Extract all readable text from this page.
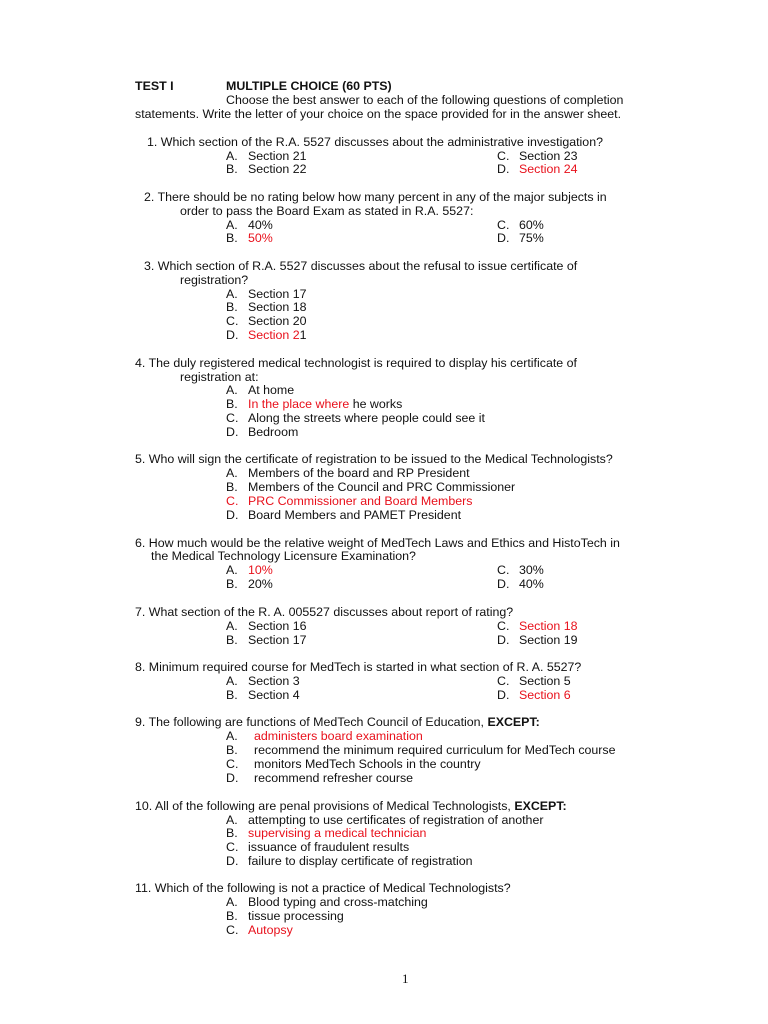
TEST I	MULTIPLE CHOICE (60 PTS)
Choose the best answer to each of the following questions of completion
statements. Write the letter of your choice on the space provided for in the answer sheet.
1. Which section of the R.A. 5527 discusses about the administrative investigation?
A. Section 21	C. Section 23
B. Section 22	D. Section 24
2. There should be no rating below how many percent in any of the major subjects in
order to pass the Board Exam as stated in R.A. 5527:
A. 40%	C. 60%
B. 50%	D. 75%
3. Which section of R.A. 5527 discusses about the refusal to issue certificate of
registration?
A. Section 17
B. Section 18
C. Section 20
D. Section 21
4. The duly registered medical technologist is required to display his certificate of
registration at:
A. At home
B. In the place where he works
C. Along the streets where people could see it
D. Bedroom
5. Who will sign the certificate of registration to be issued to the Medical Technologists?
A. Members of the board and RP President
B. Members of the Council and PRC Commissioner
C. PRC Commissioner and Board Members
D. Board Members and PAMET President
6. How much would be the relative weight of MedTech Laws and Ethics and HistoTech in
the Medical Technology Licensure Examination?
A. 10%	C. 30%
B. 20%	D. 40%
7. What section of the R. A. 005527 discusses about report of rating?
A. Section 16	C. Section 18
B. Section 17	D. Section 19
8. Minimum required course for MedTech is started in what section of R. A. 5527?
A. Section 3	C. Section 5
B. Section 4	D. Section 6
9. The following are functions of MedTech Council of Education, EXCEPT:
A. administers board examination
B. recommend the minimum required curriculum for MedTech course
C. monitors MedTech Schools in the country
D. recommend refresher course
10. All of the following are penal provisions of Medical Technologists, EXCEPT:
A. attempting to use certificates of registration of another
B. supervising a medical technician
C. issuance of fraudulent results
D. failure to display certificate of registration
11. Which of the following is not a practice of Medical Technologists?
A. Blood typing and cross-matching
B. tissue processing
C. Autopsy
1
